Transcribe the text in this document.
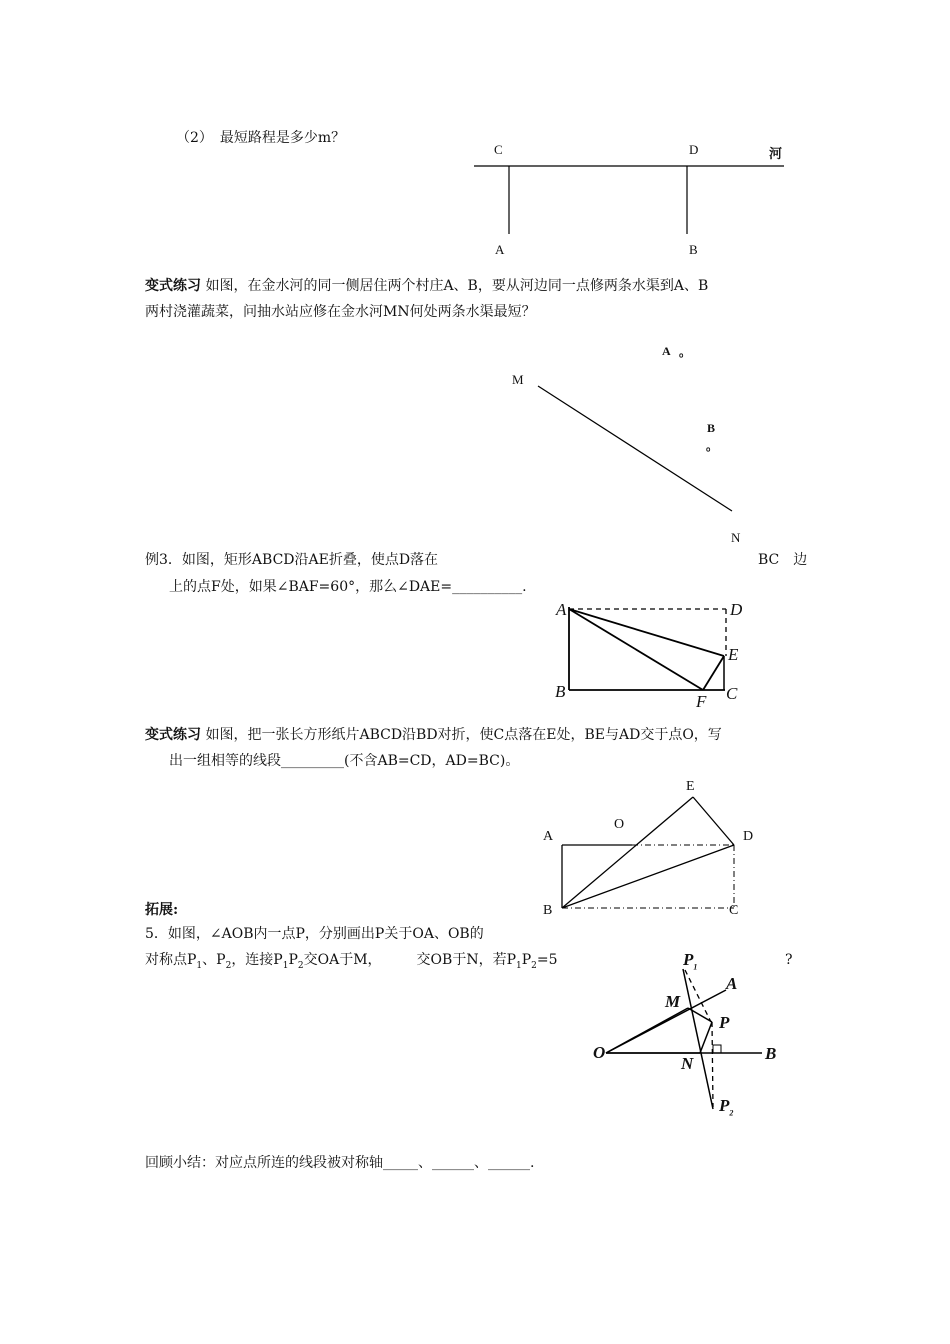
（2）　最短路程是多少m？
C	D	河
A	B
变式练习 如图，在金水河的同一侧居住两个村庄A、B，要从河边同一点修两条水渠到A、B
两村浇灌蔬菜，问抽水站应修在金水河MN何处两条水渠最短？
A 。
M
B
。
N
例3．如图，矩形ABCD沿AE折叠，使点D落在	BC　边
上的点F处，如果∠BAF=60°，那么∠DAE=__________.
A	D
E
B
F C
变式练习 如图，把一张长方形纸片ABCD沿BD对折，使C点落在E处，BE与AD交于点O，写
出一组相等的线段_________(不含AB=CD，AD=BC)。
E
A
O
D
B	C
拓展:
5．如图，∠AOB内一点P，分别画出P关于OA、OB的
对称点$P_1$、$P_2$，连接$P_1P_2$交OA于M，　　　交OB于N，若$P_1P_2=5$	?
$P_1$
A
M
P
O
N
B
$P_2$
回顾小结：对应点所连的线段被对称轴_____、______、______.
